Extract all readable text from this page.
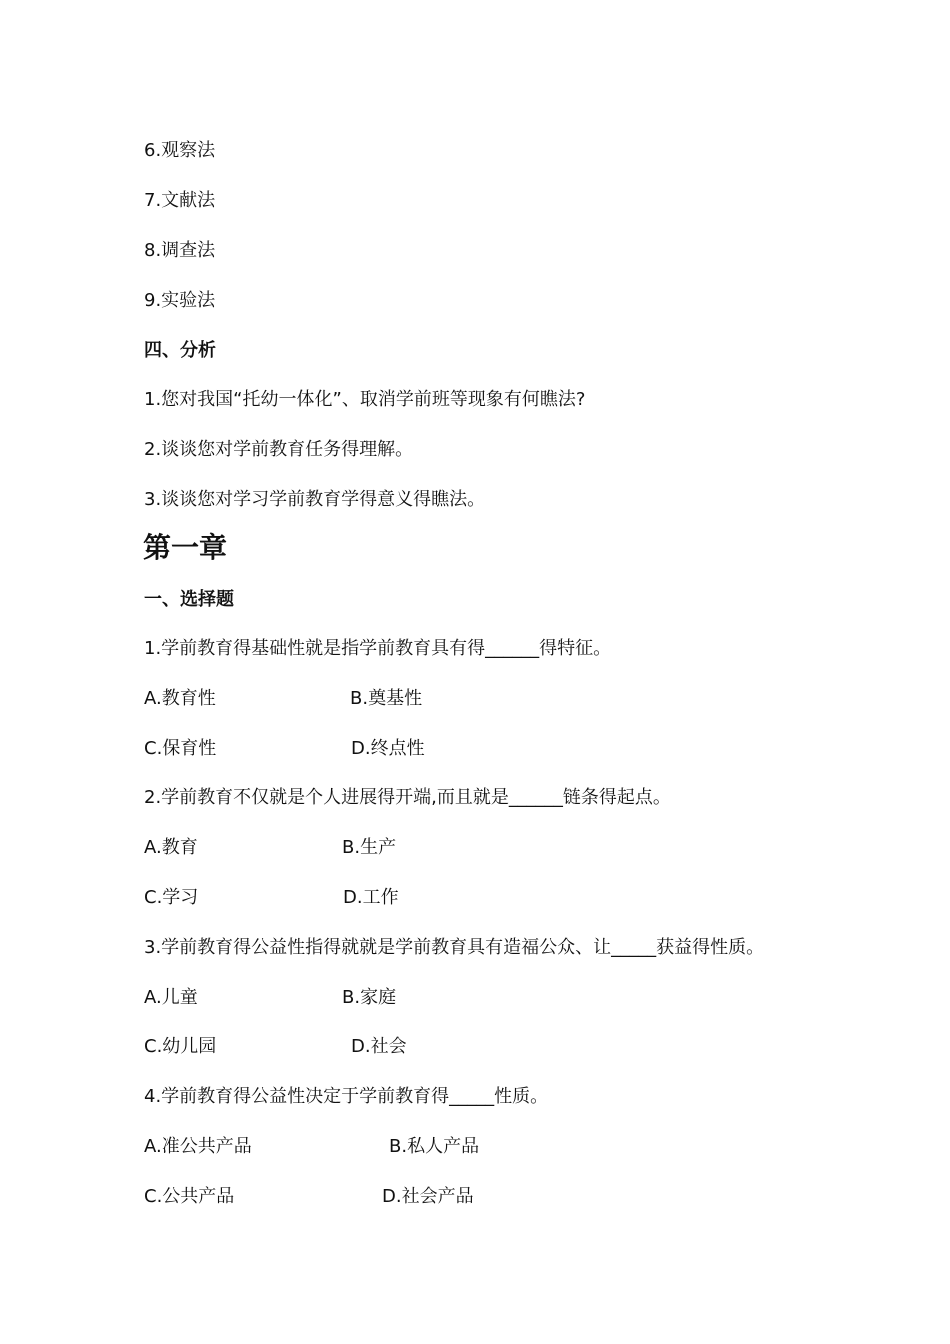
6.观察法

7.文献法

8.调查法

9.实验法

四、分析

1.您对我国“托幼一体化”、取消学前班等现象有何瞧法?

2.谈谈您对学前教育任务得理解。

3.谈谈您对学习学前教育学得意义得瞧法。

第一章

一、选择题

1.学前教育得基础性就是指学前教育具有得______得特征。

A.教育性	B.奠基性
C.保育性	D.终点性

2.学前教育不仅就是个人进展得开端,而且就是______链条得起点。

A.教育	B.生产
C.学习	D.工作

3.学前教育得公益性指得就就是学前教育具有造福公众、让_____获益得性质。

A.儿童	B.家庭
C.幼儿园	D.社会

4.学前教育得公益性决定于学前教育得_____性质。

A.准公共产品	B.私人产品
C.公共产品	D.社会产品
